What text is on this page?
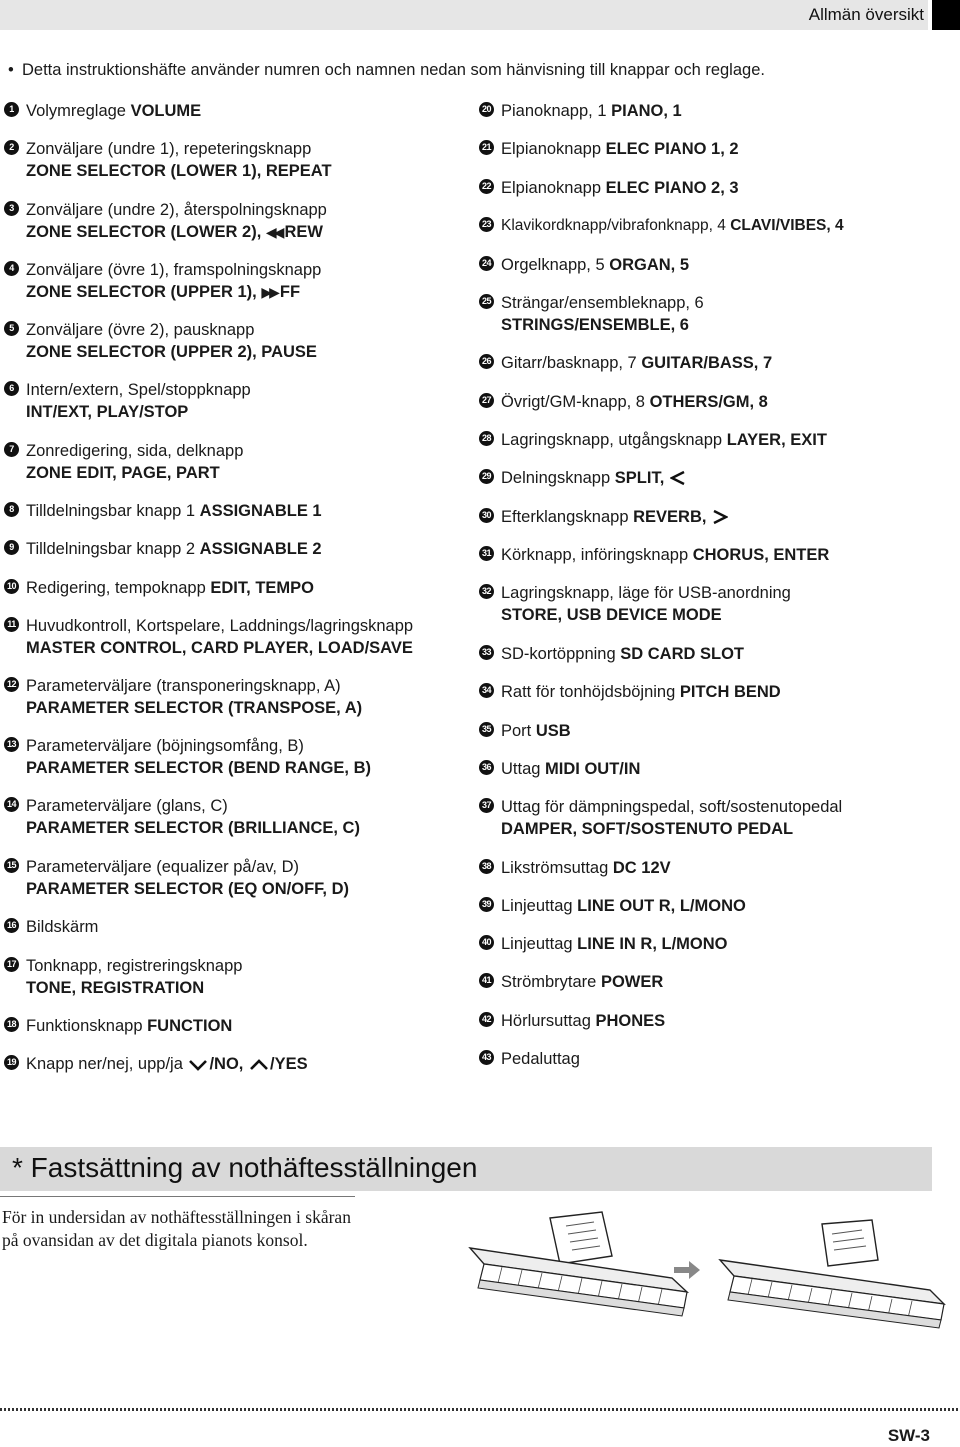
Allmän översikt
• Detta instruktionshäfte använder numren och namnen nedan som hänvisning till knappar och reglage.
1 Volymreglage VOLUME
2 Zonväljare (undre 1), repeteringsknapp
ZONE SELECTOR (LOWER 1), REPEAT
3 Zonväljare (undre 2), återspolningsknapp
ZONE SELECTOR (LOWER 2), ◀◀ REW
4 Zonväljare (övre 1), framspolningsknapp
ZONE SELECTOR (UPPER 1), ▶▶ FF
5 Zonväljare (övre 2), pausknapp
ZONE SELECTOR (UPPER 2), PAUSE
6 Intern/extern, Spel/stoppknapp
INT/EXT, PLAY/STOP
7 Zonredigering, sida, delknapp
ZONE EDIT, PAGE, PART
8 Tilldelningsbar knapp 1 ASSIGNABLE 1
9 Tilldelningsbar knapp 2 ASSIGNABLE 2
10 Redigering, tempoknapp EDIT, TEMPO
11 Huvudkontroll, Kortspelare, Laddnings/lagringsknapp
MASTER CONTROL, CARD PLAYER, LOAD/SAVE
12 Parameterväljare (transponeringsknapp, A)
PARAMETER SELECTOR (TRANSPOSE, A)
13 Parameterväljare (böjningsomfång, B)
PARAMETER SELECTOR (BEND RANGE, B)
14 Parameterväljare (glans, C)
PARAMETER SELECTOR (BRILLIANCE, C)
15 Parameterväljare (equalizer på/av, D)
PARAMETER SELECTOR (EQ ON/OFF, D)
16 Bildskärm
17 Tonknapp, registreringsknapp
TONE, REGISTRATION
18 Funktionsknapp FUNCTION
19 Knapp ner/nej, upp/ja /NO, /YES
20 Pianoknapp, 1 PIANO, 1
21 Elpianoknapp ELEC PIANO 1, 2
22 Elpianoknapp ELEC PIANO 2, 3
23 Klavikordknapp/vibrafonknapp, 4 CLAVI/VIBES, 4
24 Orgelknapp, 5 ORGAN, 5
25 Strängar/ensembleknapp, 6
STRINGS/ENSEMBLE, 6
26 Gitarr/basknapp, 7 GUITAR/BASS, 7
27 Övrigt/GM-knapp, 8 OTHERS/GM, 8
28 Lagringsknapp, utgångsknapp LAYER, EXIT
29 Delningsknapp SPLIT,
30 Efterklangsknapp REVERB,
31 Körknapp, införingsknapp CHORUS, ENTER
32 Lagringsknapp, läge för USB-anordning
STORE, USB DEVICE MODE
33 SD-kortöppning SD CARD SLOT
34 Ratt för tonhöjdsböjning PITCH BEND
35 Port USB
36 Uttag MIDI OUT/IN
37 Uttag för dämpningspedal, soft/sostenutopedal
DAMPER, SOFT/SOSTENUTO PEDAL
38 Likströmsuttag DC 12V
39 Linjeuttag LINE OUT R, L/MONO
40 Linjeuttag LINE IN R, L/MONO
41 Strömbrytare POWER
42 Hörlursuttag PHONES
43 Pedaluttag
* Fastsättning av nothäftesställningen
För in undersidan av nothäftesställningen i skåran på ovansidan av det digitala pianots konsol.
SW-3
